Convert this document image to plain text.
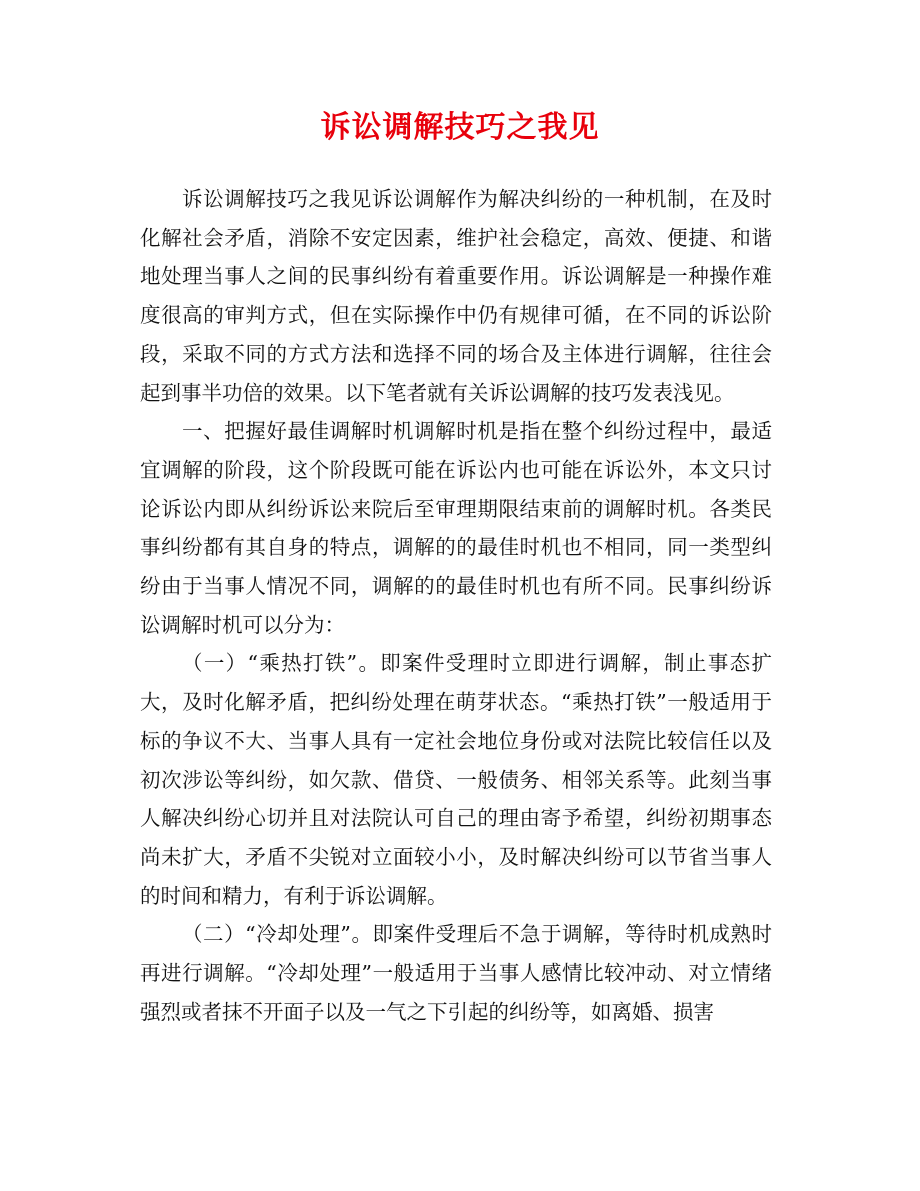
诉讼调解技巧之我见

诉讼调解技巧之我见诉讼调解作为解决纠纷的一种机制，在及时化解社会矛盾，消除不安定因素，维护社会稳定，高效、便捷、和谐地处理当事人之间的民事纠纷有着重要作用。诉讼调解是一种操作难度很高的审判方式，但在实际操作中仍有规律可循，在不同的诉讼阶段，采取不同的方式方法和选择不同的场合及主体进行调解，往往会起到事半功倍的效果。以下笔者就有关诉讼调解的技巧发表浅见。

一、把握好最佳调解时机调解时机是指在整个纠纷过程中，最适宜调解的阶段，这个阶段既可能在诉讼内也可能在诉讼外，本文只讨论诉讼内即从纠纷诉讼来院后至审理期限结束前的调解时机。各类民事纠纷都有其自身的特点，调解的的最佳时机也不相同，同一类型纠纷由于当事人情况不同，调解的的最佳时机也有所不同。民事纠纷诉讼调解时机可以分为：

（一）“乘热打铁”。即案件受理时立即进行调解，制止事态扩大，及时化解矛盾，把纠纷处理在萌芽状态。“乘热打铁”一般适用于标的争议不大、当事人具有一定社会地位身份或对法院比较信任以及初次涉讼等纠纷，如欠款、借贷、一般债务、相邻关系等。此刻当事人解决纠纷心切并且对法院认可自己的理由寄予希望，纠纷初期事态尚未扩大，矛盾不尖锐对立面较小小，及时解决纠纷可以节省当事人的时间和精力，有利于诉讼调解。

（二）“冷却处理”。即案件受理后不急于调解，等待时机成熟时再进行调解。“冷却处理”一般适用于当事人感情比较冲动、对立情绪强烈或者抹不开面子以及一气之下引起的纠纷等，如离婚、损害
